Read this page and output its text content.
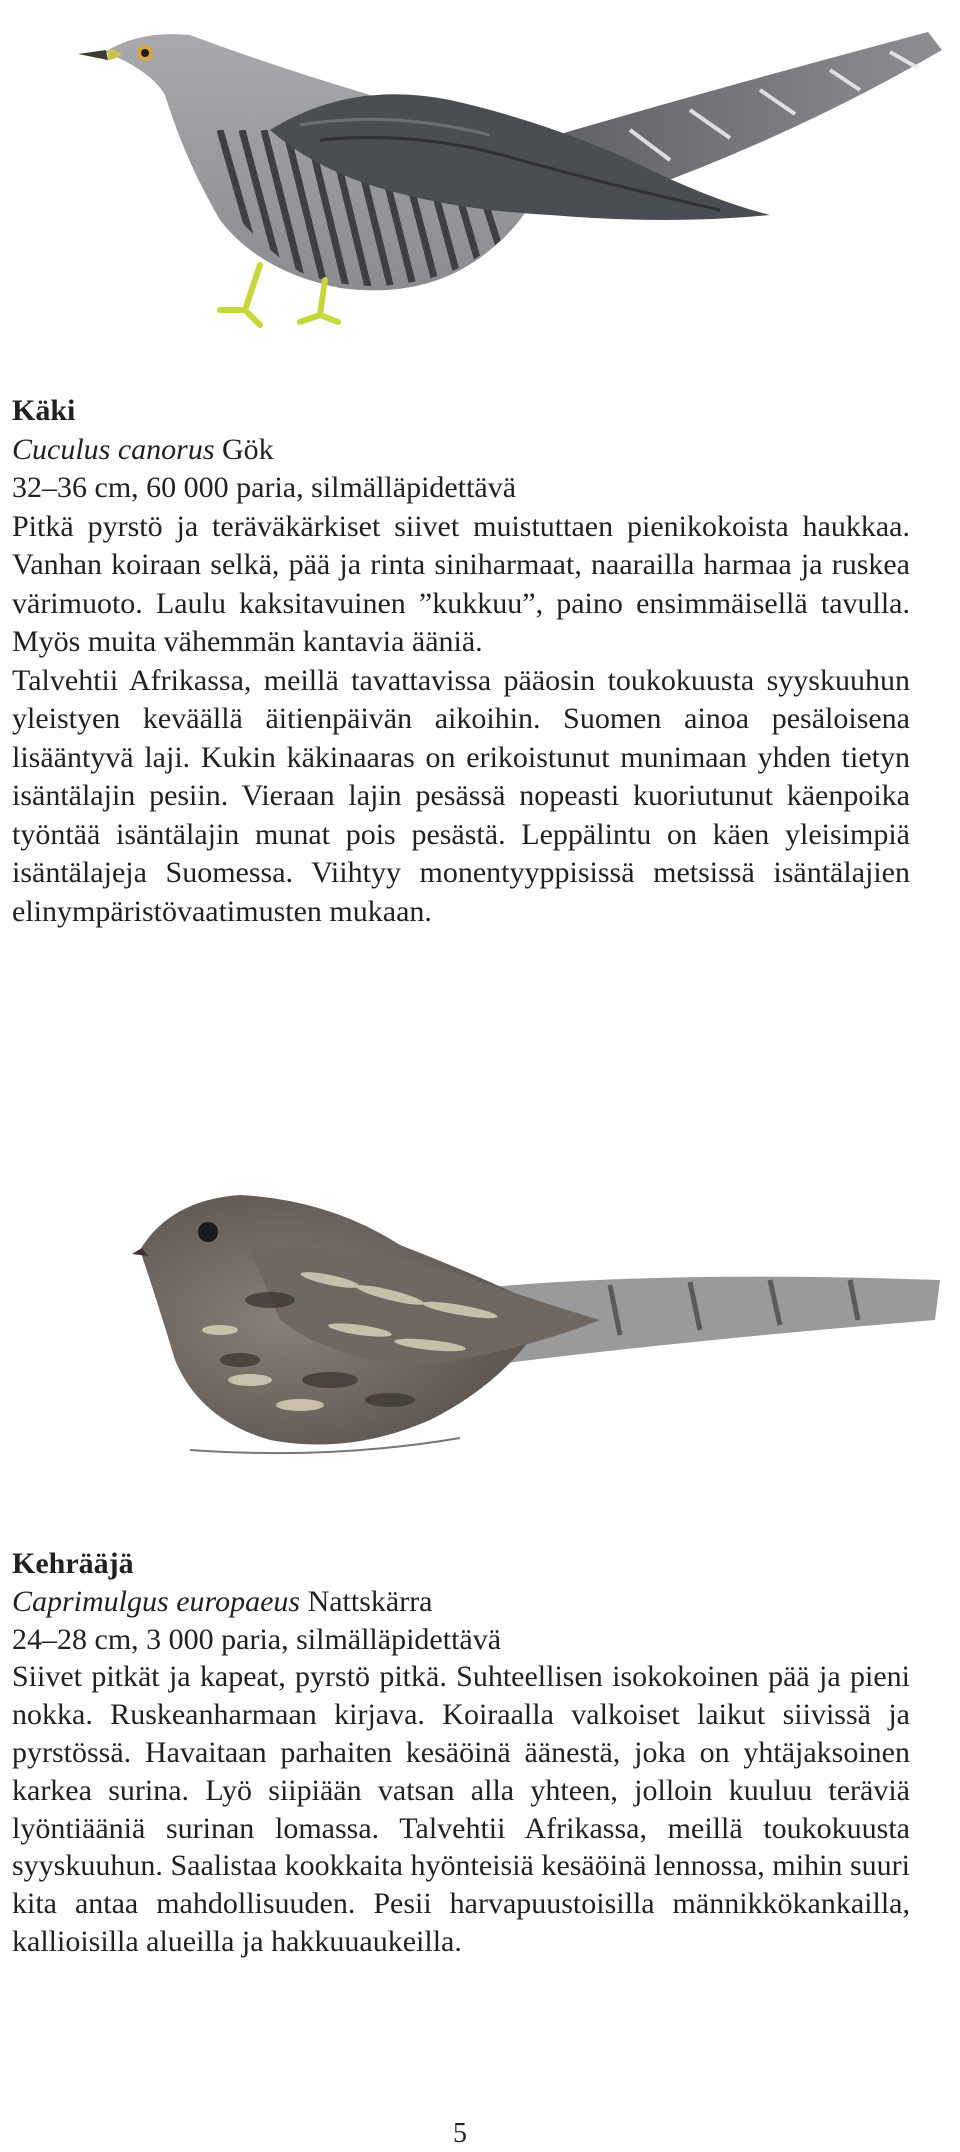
Käki

Cuculus canorus Gök

32–36 cm, 60 000 paria, silmälläpidettävä

Pitkä pyrstö ja teräväkärkiset siivet muistuttaen pienikokoista haukkaa. Vanhan koiraan selkä, pää ja rinta siniharmaat, naarailla harmaa ja ruskea värimuoto. Laulu kaksitavuinen ”kukkuu”, paino ensimmäisellä tavulla. Myös muita vähemmän kantavia ääniä.

Talvehtii Afrikassa, meillä tavattavissa pääosin toukokuusta syyskuuhun yleistyen keväällä äitienpäivän aikoihin. Suomen ainoa pesäloisena lisääntyvä laji. Kukin käkinaaras on erikoistunut munimaan yhden tietyn isäntälajin pesiin. Vieraan lajin pesässä nopeasti kuoriutunut käenpoika työntää isäntälajin munat pois pesästä. Leppälintu on käen yleisimpiä isäntälajeja Suomessa. Viihtyy monentyyppisissä metsissä isäntälajien elinympäristövaatimusten mukaan.

Kehrääjä

Caprimulgus europaeus Nattskärra

24–28 cm, 3 000 paria, silmälläpidettävä

Siivet pitkät ja kapeat, pyrstö pitkä. Suhteellisen isokokoinen pää ja pieni nokka. Ruskeanharmaan kirjava. Koiraalla valkoiset laikut siivissä ja pyrstössä. Havaitaan parhaiten kesäöinä äänestä, joka on yhtäjaksoinen karkea surina. Lyö siipiään vatsan alla yhteen, jolloin kuuluu teräviä lyöntiääniä surinan lomassa. Talvehtii Afrikassa, meillä toukokuusta syyskuuhun. Saalistaa kookkaita hyönteisiä kesäöinä lennossa, mihin suuri kita antaa mahdollisuuden. Pesii harvapuustoisilla männikkökankailla, kallioisilla alueilla ja hakkuuaukeilla.

5
